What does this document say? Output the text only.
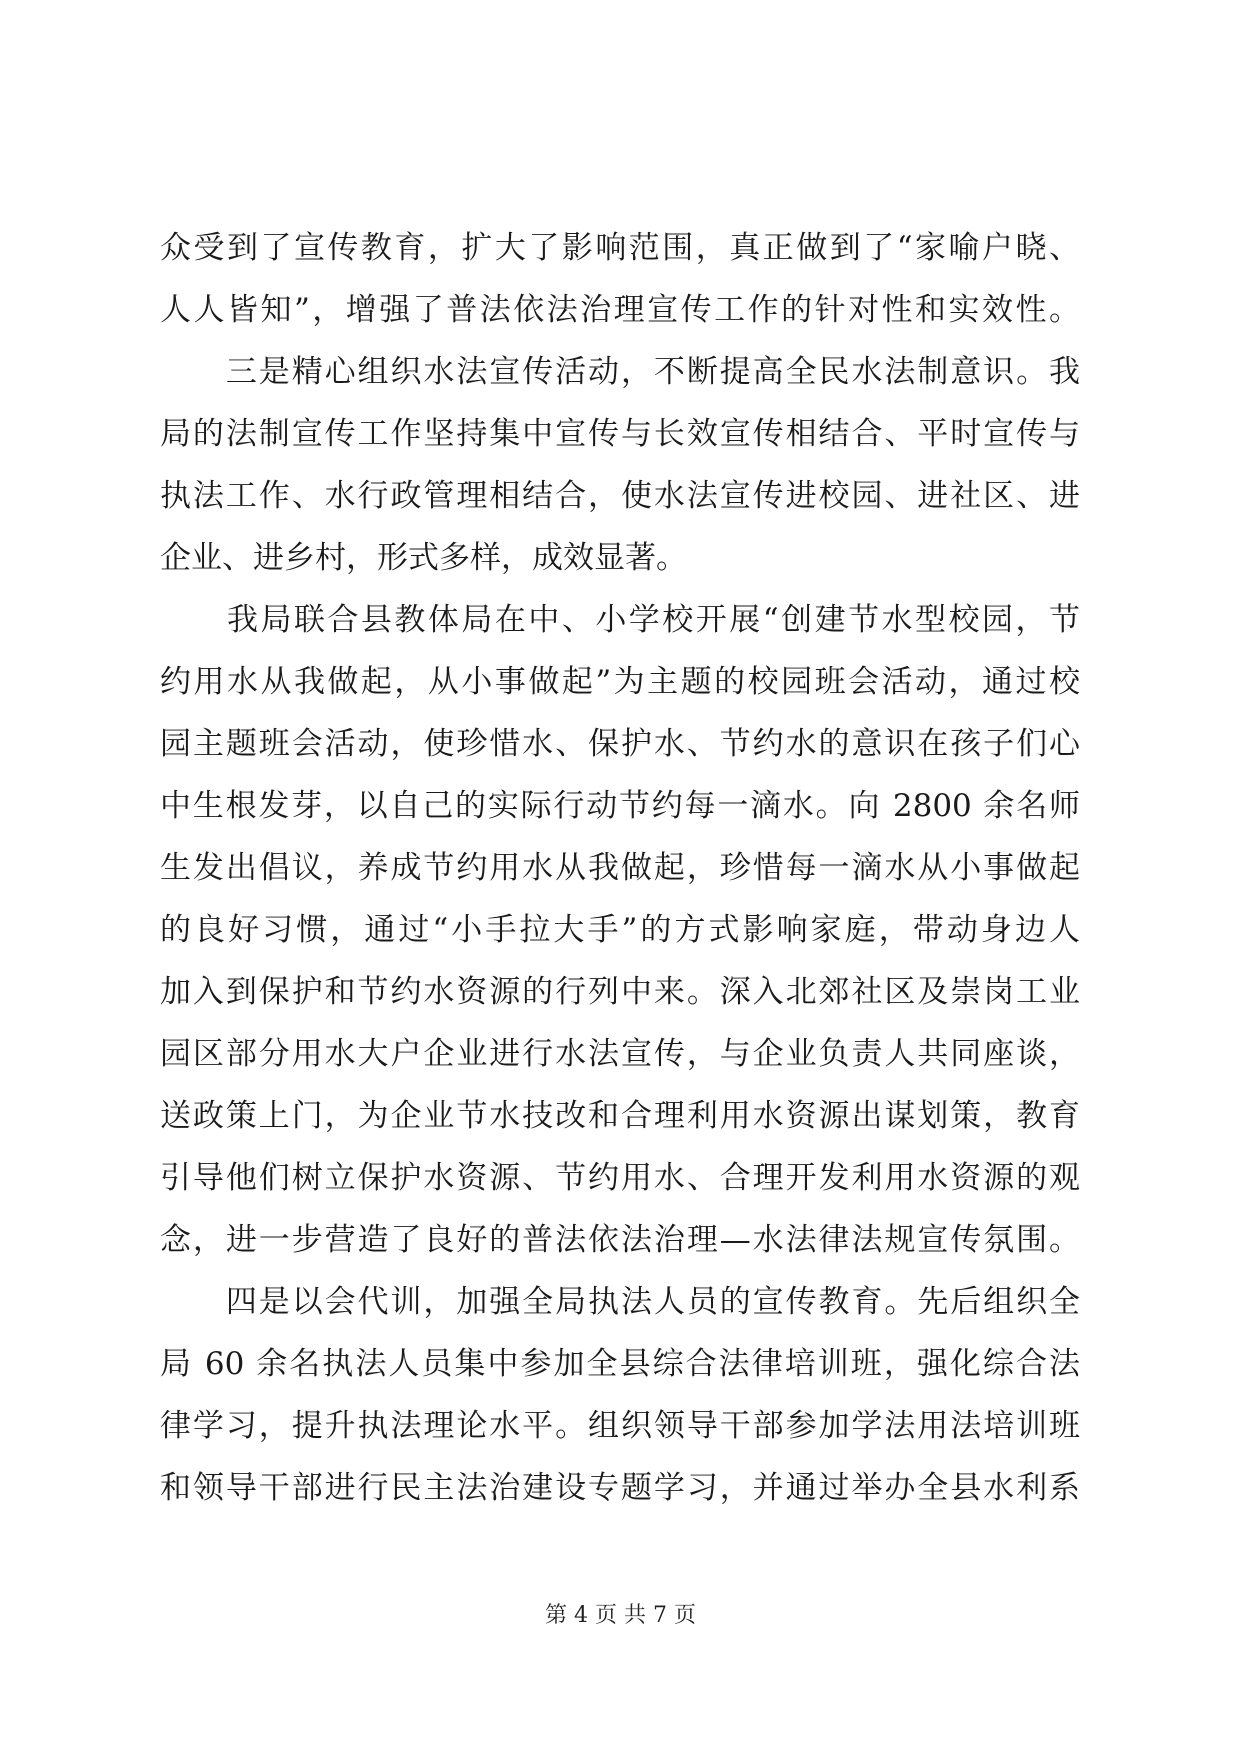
众受到了宣传教育，扩大了影响范围，真正做到了“家喻户晓、
人人皆知”，增强了普法依法治理宣传工作的针对性和实效性。
　　三是精心组织水法宣传活动，不断提高全民水法制意识。我
局的法制宣传工作坚持集中宣传与长效宣传相结合、平时宣传与
执法工作、水行政管理相结合，使水法宣传进校园、进社区、进
企业、进乡村，形式多样，成效显著。
　　我局联合县教体局在中、小学校开展“创建节水型校园，节
约用水从我做起，从小事做起”为主题的校园班会活动，通过校
园主题班会活动，使珍惜水、保护水、节约水的意识在孩子们心
中生根发芽，以自己的实际行动节约每一滴水。向 2800 余名师
生发出倡议，养成节约用水从我做起，珍惜每一滴水从小事做起
的良好习惯，通过“小手拉大手”的方式影响家庭，带动身边人
加入到保护和节约水资源的行列中来。深入北郊社区及崇岗工业
园区部分用水大户企业进行水法宣传，与企业负责人共同座谈，
送政策上门，为企业节水技改和合理利用水资源出谋划策，教育
引导他们树立保护水资源、节约用水、合理开发利用水资源的观
念，进一步营造了良好的普法依法治理—水法律法规宣传氛围。
　　四是以会代训，加强全局执法人员的宣传教育。先后组织全
局 60 余名执法人员集中参加全县综合法律培训班，强化综合法
律学习，提升执法理论水平。组织领导干部参加学法用法培训班
和领导干部进行民主法治建设专题学习，并通过举办全县水利系
第 4 页 共 7 页
